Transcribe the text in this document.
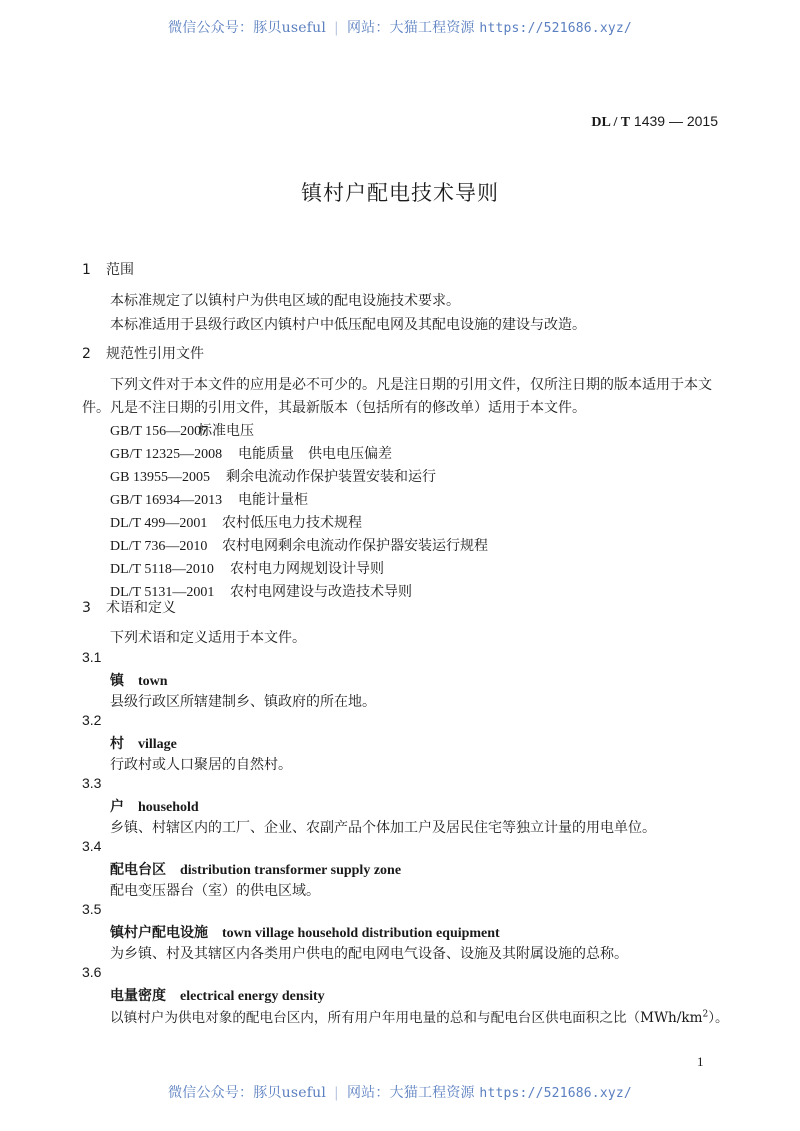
微信公众号：豚贝useful | 网站：大猫工程资源 https://521686.xyz/
DL / T 1439 — 2015
镇村户配电技术导则
1 范围
本标准规定了以镇村户为供电区域的配电设施技术要求。
本标准适用于县级行政区内镇村户中低压配电网及其配电设施的建设与改造。
2 规范性引用文件
下列文件对于本文件的应用是必不可少的。凡是注日期的引用文件，仅所注日期的版本适用于本文
件。凡是不注日期的引用文件，其最新版本（包括所有的修改单）适用于本文件。
GB/T 156—2007标准电压
GB/T 12325—2008 电能质量　供电电压偏差
GB 13955—2005 剩余电流动作保护装置安装和运行
GB/T 16934—2013 电能计量柜
DL/T 499—2001 农村低压电力技术规程
DL/T 736—2010 农村电网剩余电流动作保护器安装运行规程
DL/T 5118—2010 农村电力网规划设计导则
DL/T 5131—2001 农村电网建设与改造技术导则
3 术语和定义
下列术语和定义适用于本文件。
3.1
镇 town
县级行政区所辖建制乡、镇政府的所在地。
3.2
村 village
行政村或人口聚居的自然村。
3.3
户 household
乡镇、村辖区内的工厂、企业、农副产品个体加工户及居民住宅等独立计量的用电单位。
3.4
配电台区 distribution transformer supply zone
配电变压器台（室）的供电区域。
3.5
镇村户配电设施 town village household distribution equipment
为乡镇、村及其辖区内各类用户供电的配电网电气设备、设施及其附属设施的总称。
3.6
电量密度 electrical energy density
以镇村户为供电对象的配电台区内，所有用户年用电量的总和与配电台区供电面积之比$(MWh/km^2)$。
1
微信公众号：豚贝useful | 网站：大猫工程资源 https://521686.xyz/
